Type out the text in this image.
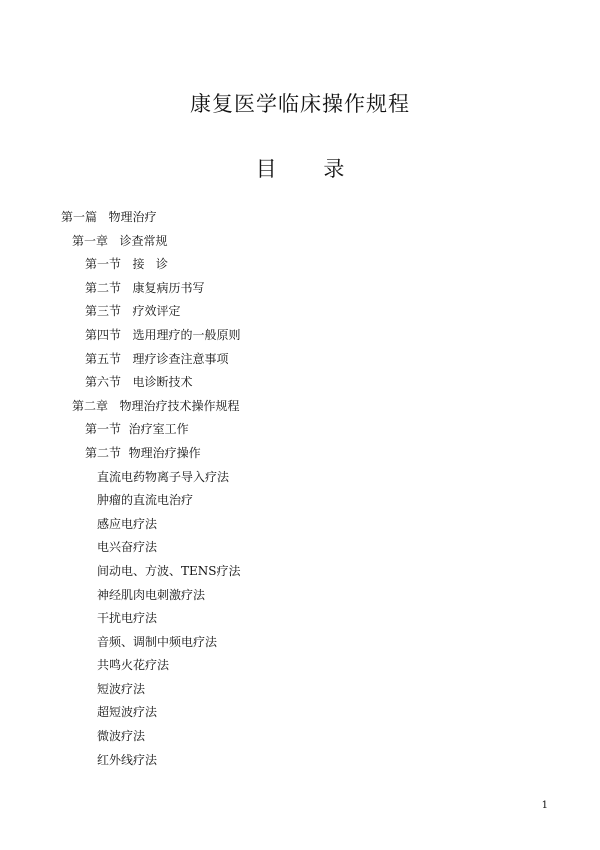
康复医学临床操作规程
目 录
第一篇   物理治疗
第一章   诊查常规
第一节   接   诊
第二节   康复病历书写
第三节   疗效评定
第四节   选用理疗的一般原则
第五节   理疗诊查注意事项
第六节   电诊断技术
第二章   物理治疗技术操作规程
第一节  治疗室工作
第二节  物理治疗操作
直流电药物离子导入疗法
肿瘤的直流电治疗
感应电疗法
电兴奋疗法
间动电、方波、TENS疗法
神经肌肉电刺激疗法
干扰电疗法
音频、调制中频电疗法
共鸣火花疗法
短波疗法
超短波疗法
微波疗法
红外线疗法
1
